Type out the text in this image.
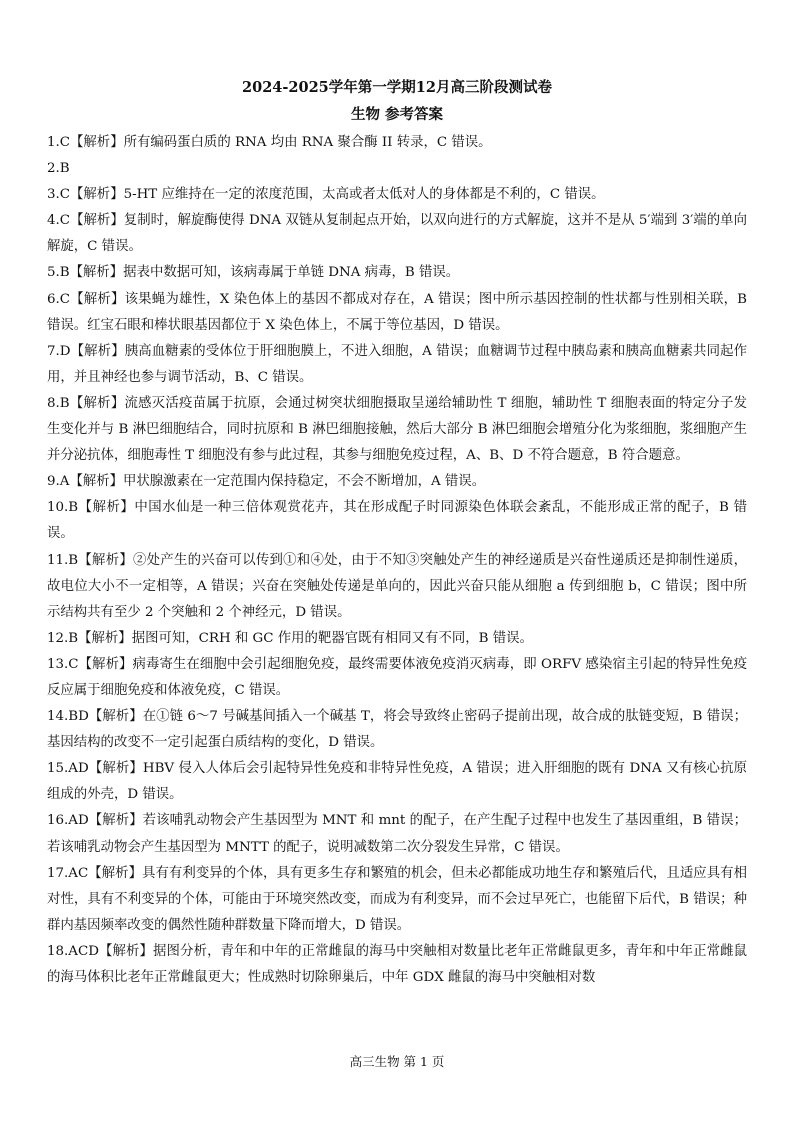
2024-2025学年第一学期12月高三阶段测试卷
生物 参考答案

1.C【解析】所有编码蛋白质的 RNA 均由 RNA 聚合酶 II 转录，C 错误。

2.B

3.C【解析】5-HT 应维持在一定的浓度范围，太高或者太低对人的身体都是不利的，C 错误。

4.C【解析】复制时，解旋酶使得 DNA 双链从复制起点开始，以双向进行的方式解旋，这并不是从 5′端到 3′端的单向解旋，C 错误。

5.B【解析】据表中数据可知，该病毒属于单链 DNA 病毒，B 错误。

6.C【解析】该果蝇为雄性，X 染色体上的基因不都成对存在，A 错误；图中所示基因控制的性状都与性别相关联，B 错误。红宝石眼和棒状眼基因都位于 X 染色体上，不属于等位基因，D 错误。

7.D【解析】胰高血糖素的受体位于肝细胞膜上，不进入细胞，A 错误；血糖调节过程中胰岛素和胰高血糖素共同起作用，并且神经也参与调节活动，B、C 错误。

8.B【解析】流感灭活疫苗属于抗原，会通过树突状细胞摄取呈递给辅助性 T 细胞，辅助性 T 细胞表面的特定分子发生变化并与 B 淋巴细胞结合，同时抗原和 B 淋巴细胞接触，然后大部分 B 淋巴细胞会增殖分化为浆细胞，浆细胞产生并分泌抗体，细胞毒性 T 细胞没有参与此过程，其参与细胞免疫过程，A、B、D 不符合题意，B 符合题意。

9.A【解析】甲状腺激素在一定范围内保持稳定，不会不断增加，A 错误。

10.B【解析】中国水仙是一种三倍体观赏花卉，其在形成配子时同源染色体联会紊乱，不能形成正常的配子，B 错误。

11.B【解析】②处产生的兴奋可以传到①和④处，由于不知③突触处产生的神经递质是兴奋性递质还是抑制性递质，故电位大小不一定相等，A 错误；兴奋在突触处传递是单向的，因此兴奋只能从细胞 a 传到细胞 b，C 错误；图中所示结构共有至少 2 个突触和 2 个神经元，D 错误。

12.B【解析】据图可知，CRH 和 GC 作用的靶器官既有相同又有不同，B 错误。

13.C【解析】病毒寄生在细胞中会引起细胞免疫，最终需要体液免疫消灭病毒，即 ORFV 感染宿主引起的特异性免疫反应属于细胞免疫和体液免疫，C 错误。

14.BD【解析】在①链 6～7 号碱基间插入一个碱基 T，将会导致终止密码子提前出现，故合成的肽链变短，B 错误；基因结构的改变不一定引起蛋白质结构的变化，D 错误。

15.AD【解析】HBV 侵入人体后会引起特异性免疫和非特异性免疫，A 错误；进入肝细胞的既有 DNA 又有核心抗原组成的外壳，D 错误。

16.AD【解析】若该哺乳动物会产生基因型为 MNT 和 mnt 的配子，在产生配子过程中也发生了基因重组，B 错误；若该哺乳动物会产生基因型为 MNTT 的配子，说明减数第二次分裂发生异常，C 错误。

17.AC【解析】具有有利变异的个体，具有更多生存和繁殖的机会，但未必都能成功地生存和繁殖后代，且适应具有相对性，具有不利变异的个体，可能由于环境突然改变，而成为有利变异，而不会过早死亡，也能留下后代，B 错误；种群内基因频率改变的偶然性随种群数量下降而增大，D 错误。

18.ACD【解析】据图分析，青年和中年的正常雌鼠的海马中突触相对数量比老年正常雌鼠更多，青年和中年正常雌鼠的海马体积比老年正常雌鼠更大；性成熟时切除卵巢后，中年 GDX 雌鼠的海马中突触相对数

高三生物 第 1 页
